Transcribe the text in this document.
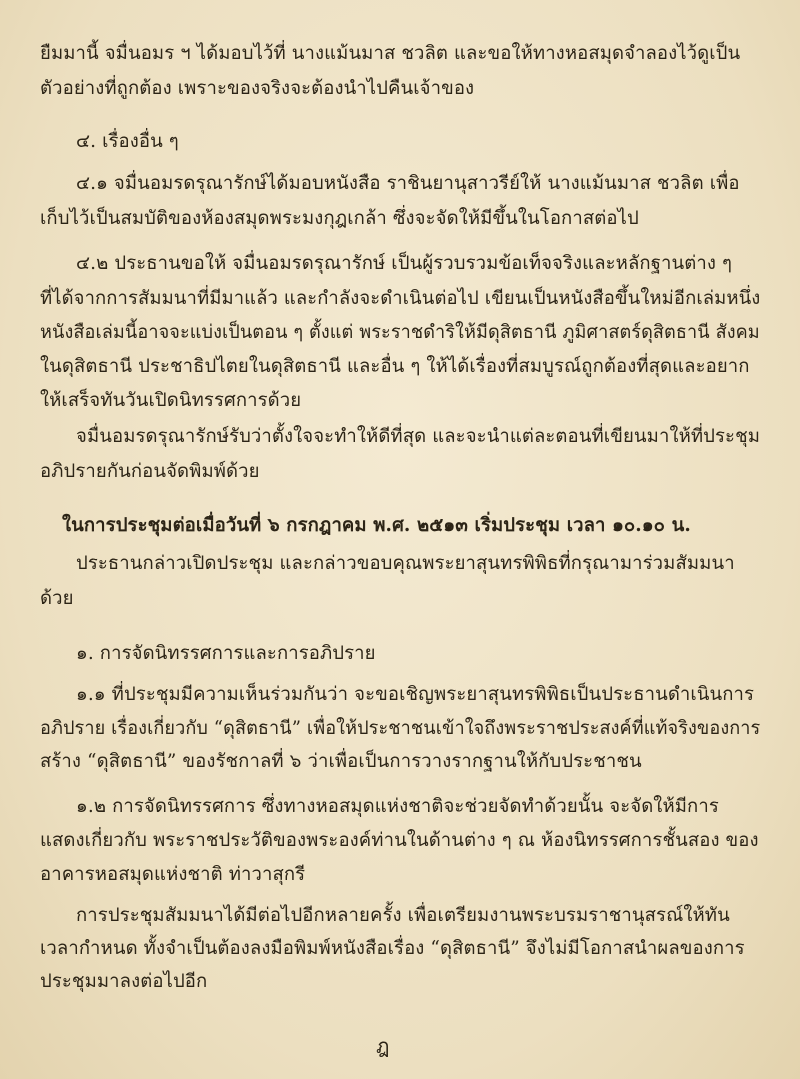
ยืมมานี้ จมื่นอมร ฯ ได้มอบไว้ที่ นางแม้นมาส ชวลิต และขอให้ทางหอสมุดจำลองไว้ดูเป็น
ตัวอย่างที่ถูกต้อง เพราะของจริงจะต้องนำไปคืนเจ้าของ
๔. เรื่องอื่น ๆ
๔.๑ จมื่นอมรดรุณารักษ์ได้มอบหนังสือ ราชินยานุสาวรีย์ให้ นางแม้นมาส ชวลิต เพื่อ
เก็บไว้เป็นสมบัติของห้องสมุดพระมงกุฎเกล้า ซึ่งจะจัดให้มีขึ้นในโอกาสต่อไป
๔.๒ ประธานขอให้ จมื่นอมรดรุณารักษ์ เป็นผู้รวบรวมข้อเท็จจริงและหลักฐานต่าง ๆ
ที่ได้จากการสัมมนาที่มีมาแล้ว และกำลังจะดำเนินต่อไป เขียนเป็นหนังสือขึ้นใหม่อีกเล่มหนึ่ง
หนังสือเล่มนี้อาจจะแบ่งเป็นตอน ๆ ตั้งแต่ พระราชดำริให้มีดุสิตธานี ภูมิศาสตร์ดุสิตธานี สังคม
ในดุสิตธานี ประชาธิปไตยในดุสิตธานี และอื่น ๆ ให้ได้เรื่องที่สมบูรณ์ถูกต้องที่สุดและอยาก
ให้เสร็จทันวันเปิดนิทรรศการด้วย
จมื่นอมรดรุณารักษ์รับว่าตั้งใจจะทำให้ดีที่สุด และจะนำแต่ละตอนที่เขียนมาให้ที่ประชุม
อภิปรายกันก่อนจัดพิมพ์ด้วย
ในการประชุมต่อเมื่อวันที่ ๖ กรกฎาคม พ.ศ. ๒๕๑๓ เริ่มประชุม เวลา ๑๐.๑๐ น.
ประธานกล่าวเปิดประชุม และกล่าวขอบคุณพระยาสุนทรพิพิธที่กรุณามาร่วมสัมมนา
ด้วย
๑. การจัดนิทรรศการและการอภิปราย
๑.๑ ที่ประชุมมีความเห็นร่วมกันว่า จะขอเชิญพระยาสุนทรพิพิธเป็นประธานดำเนินการ
อภิปราย เรื่องเกี่ยวกับ “ดุสิตธานี” เพื่อให้ประชาชนเข้าใจถึงพระราชประสงค์ที่แท้จริงของการ
สร้าง “ดุสิตธานี” ของรัชกาลที่ ๖ ว่าเพื่อเป็นการวางรากฐานให้กับประชาชน
๑.๒ การจัดนิทรรศการ ซึ่งทางหอสมุดแห่งชาติจะช่วยจัดทำด้วยนั้น จะจัดให้มีการ
แสดงเกี่ยวกับ พระราชประวัติของพระองค์ท่านในด้านต่าง ๆ ณ ห้องนิทรรศการชั้นสอง ของ
อาคารหอสมุดแห่งชาติ ท่าวาสุกรี
การประชุมสัมมนาได้มีต่อไปอีกหลายครั้ง เพื่อเตรียมงานพระบรมราชานุสรณ์ให้ทัน
เวลากำหนด ทั้งจำเป็นต้องลงมือพิมพ์หนังสือเรื่อง “ดุสิตธานี” จึงไม่มีโอกาสนำผลของการ
ประชุมมาลงต่อไปอีก
ฎ
